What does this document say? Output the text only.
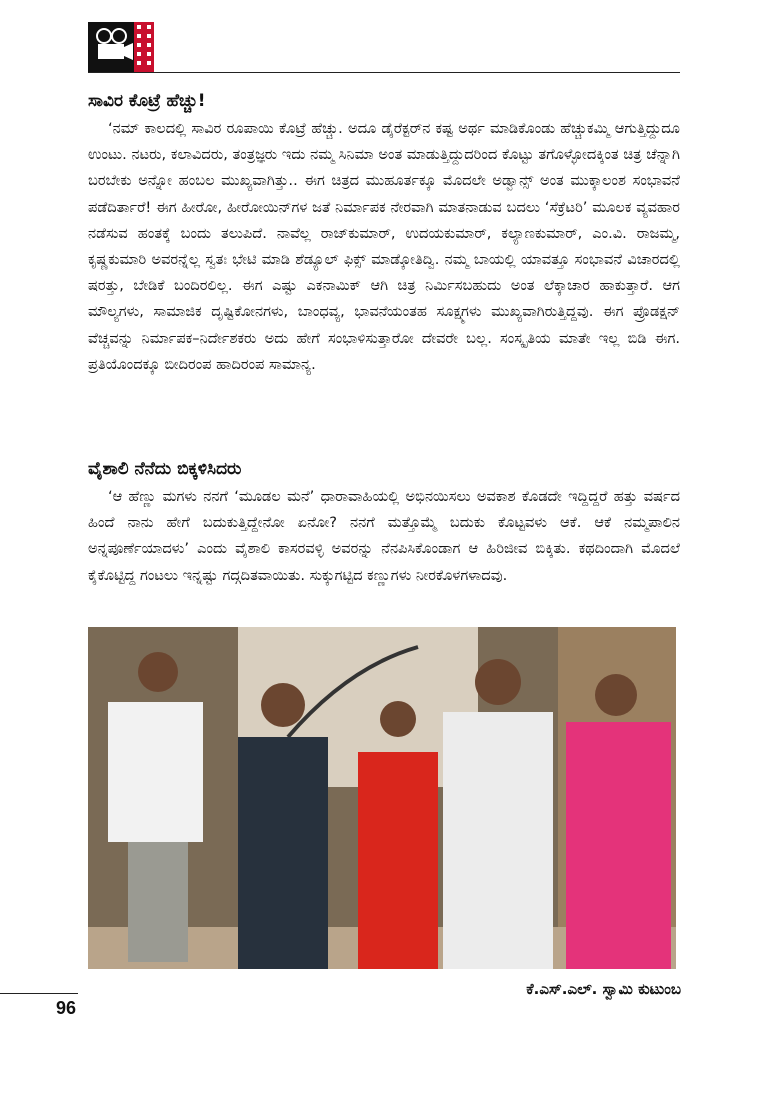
ಸಾವಿರ ಕೊಟ್ರೆ ಹೆಚ್ಚು!

‘ನಮ್ ಕಾಲದಲ್ಲಿ ಸಾವಿರ ರೂಪಾಯಿ ಕೊಟ್ರೆ ಹೆಚ್ಚು. ಅದೂ ಡೈರೆಕ್ಟರ್‌ನ ಕಷ್ಟ ಅರ್ಥ ಮಾಡಿಕೊಂಡು ಹೆಚ್ಚುಕಮ್ಮಿ ಆಗುತ್ತಿದ್ದುದೂ ಉಂಟು. ನಟರು, ಕಲಾವಿದರು, ತಂತ್ರಜ್ಞರು ಇದು ನಮ್ಮ ಸಿನಿಮಾ ಅಂತ ಮಾಡುತ್ತಿದ್ದುದರಿಂದ ಕೊಟ್ಟು ತಗೊಳ್ಳೋದಕ್ಕಿಂತ ಚಿತ್ರ ಚೆನ್ನಾಗಿ ಬರಬೇಕು ಅನ್ನೋ ಹಂಬಲ ಮುಖ್ಯವಾಗಿತ್ತು.. ಈಗ ಚಿತ್ರದ ಮುಹೂರ್ತಕ್ಕೂ ಮೊದಲೇ ಅಡ್ವಾನ್ಸ್ ಅಂತ ಮುಕ್ಕಾಲಂಶ ಸಂಭಾವನೆ ಪಡೆದಿರ್ತಾರೆ! ಈಗ ಹೀರೋ, ಹೀರೋಯಿನ್‌ಗಳ ಜತೆ ನಿರ್ಮಾಪಕ ನೇರವಾಗಿ ಮಾತನಾಡುವ ಬದಲು ‘ಸೆಕ್ರೆಟರಿ’ ಮೂಲಕ ವ್ಯವಹಾರ ನಡೆಸುವ ಹಂತಕ್ಕೆ ಬಂದು ತಲುಪಿದೆ. ನಾವೆಲ್ಲ ರಾಜ್‌ಕುಮಾರ್, ಉದಯಕುಮಾರ್, ಕಲ್ಯಾಣಕುಮಾರ್, ಎಂ.ವಿ. ರಾಜಮ್ಮ, ಕೃಷ್ಣಕುಮಾರಿ ಅವರನ್ನೆಲ್ಲ ಸ್ವತಃ ಭೇಟಿ ಮಾಡಿ ಶೆಡ್ಯೂಲ್ ಫಿಕ್ಸ್ ಮಾಡ್ಕೋತಿದ್ವಿ. ನಮ್ಮ ಬಾಯಲ್ಲಿ ಯಾವತ್ತೂ ಸಂಭಾವನೆ ವಿಚಾರದಲ್ಲಿ ಷರತ್ತು, ಬೇಡಿಕೆ ಬಂದಿರಲಿಲ್ಲ. ಈಗ ಎಷ್ಟು ಎಕನಾಮಿಕ್ ಆಗಿ ಚಿತ್ರ ನಿರ್ಮಿಸಬಹುದು ಅಂತ ಲೆಕ್ಕಾಚಾರ ಹಾಕುತ್ತಾರೆ. ಆಗ ಮೌಲ್ಯಗಳು, ಸಾಮಾಜಿಕ ದೃಷ್ಟಿಕೋನಗಳು, ಬಾಂಧವ್ಯ, ಭಾವನೆಯಂತಹ ಸೂಕ್ಷ್ಮಗಳು ಮುಖ್ಯವಾಗಿರುತ್ತಿದ್ದವು. ಈಗ ಪ್ರೊಡಕ್ಷನ್ ವೆಚ್ಚವನ್ನು ನಿರ್ಮಾಪಕ–ನಿರ್ದೇಶಕರು ಅದು ಹೇಗೆ ಸಂಭಾಳಿಸುತ್ತಾರೋ ದೇವರೇ ಬಲ್ಲ. ಸಂಸ್ಕೃತಿಯ ಮಾತೇ ಇಲ್ಲ ಬಿಡಿ ಈಗ. ಪ್ರತಿಯೊಂದಕ್ಕೂ ಬೀದಿರಂಪ ಹಾದಿರಂಪ ಸಾಮಾನ್ಯ.

ವೈಶಾಲಿ ನೆನೆದು ಬಿಕ್ಕಳಿಸಿದರು

‘ಆ ಹೆಣ್ಣು ಮಗಳು ನನಗೆ ‘ಮೂಡಲ ಮನೆ’ ಧಾರಾವಾಹಿಯಲ್ಲಿ ಅಭಿನಯಿಸಲು ಅವಕಾಶ ಕೊಡದೇ ಇದ್ದಿದ್ದರೆ ಹತ್ತು ವರ್ಷದ ಹಿಂದೆ ನಾನು ಹೇಗೆ ಬದುಕುತ್ತಿದ್ದೇನೋ ಏನೋ? ನನಗೆ ಮತ್ತೊಮ್ಮೆ ಬದುಕು ಕೊಟ್ಟವಳು ಆಕೆ. ಆಕೆ ನಮ್ಮಪಾಲಿನ ಅನ್ನಪೂರ್ಣೆಯಾದಳು’ ಎಂದು ವೈಶಾಲಿ ಕಾಸರವಳ್ಳಿ ಅವರನ್ನು ನೆನಪಿಸಿಕೊಂಡಾಗ ಆ ಹಿರಿಜೀವ ಬಿಕ್ಕಿತು. ಕಥದಿಂದಾಗಿ ಮೊದಲೆ ಕೈಕೊಟ್ಟಿದ್ದ ಗಂಟಲು ಇನ್ನಷ್ಟು ಗದ್ಗದಿತವಾಯಿತು. ಸುಕ್ಕುಗಟ್ಟಿದ ಕಣ್ಣುಗಳು ನೀರಕೊಳಗಳಾದವು.

ಕೆ.ಎಸ್.ಎಲ್. ಸ್ವಾಮಿ ಕುಟುಂಬ
96
